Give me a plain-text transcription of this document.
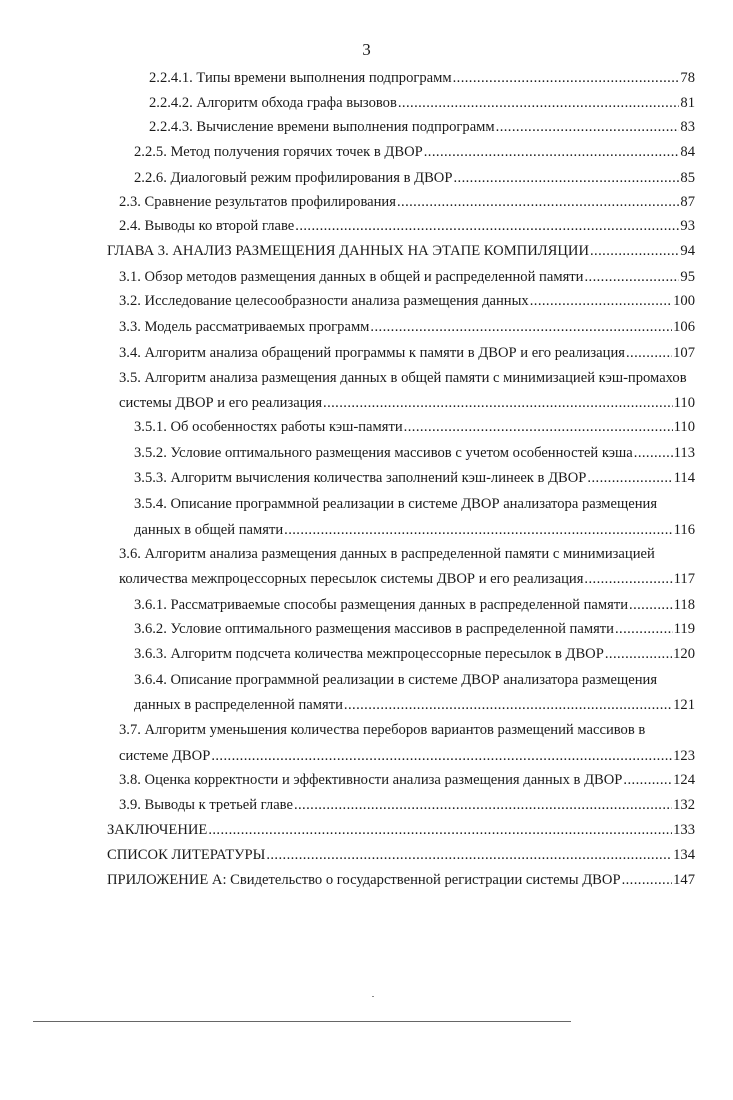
3
2.2.4.1. Типы времени выполнения подпрограмм .....	78
2.2.4.2. Алгоритм обхода графа вызовов .....	81
2.2.4.3. Вычисление времени выполнения подпрограмм .....	83
2.2.5. Метод получения горячих точек в ДВОР .....	84
2.2.6. Диалоговый режим профилирования в ДВОР .....	85
2.3. Сравнение результатов профилирования .....	87
2.4. Выводы ко второй главе .....	93
ГЛАВА 3. АНАЛИЗ РАЗМЕЩЕНИЯ ДАННЫХ НА ЭТАПЕ КОМПИЛЯЦИИ .....	94
3.1. Обзор методов размещения данных в общей и распределенной памяти .....	95
3.2. Исследование целесообразности анализа размещения данных .....	100
3.3. Модель рассматриваемых программ .....	106
3.4. Алгоритм анализа обращений программы к памяти в ДВОР и его реализация .....	107
3.5. Алгоритм анализа размещения данных в общей памяти с минимизацией кэш-промахов
системы ДВОР и его реализация .....	110
3.5.1. Об особенностях работы кэш-памяти .....	110
3.5.2. Условие оптимального размещения массивов с учетом особенностей кэша .....	113
3.5.3. Алгоритм вычисления количества заполнений кэш-линеек в ДВОР .....	114
3.5.4. Описание программной реализации в системе ДВОР анализатора размещения
данных в общей памяти .....	116
3.6. Алгоритм анализа размещения данных в распределенной памяти с минимизацией
количества межпроцессорных пересылок системы ДВОР и его реализация .....	117
3.6.1. Рассматриваемые способы размещения данных в распределенной памяти .....	118
3.6.2. Условие оптимального размещения массивов в распределенной памяти .....	119
3.6.3. Алгоритм подсчета количества межпроцессорные пересылок в ДВОР .....	120
3.6.4. Описание программной реализации в системе ДВОР анализатора размещения
данных в распределенной памяти .....	121
3.7. Алгоритм уменьшения количества переборов вариантов размещений массивов в
системе ДВОР .....	123
3.8. Оценка корректности и эффективности анализа размещения данных в ДВОР .....	124
3.9. Выводы к третьей главе .....	132
ЗАКЛЮЧЕНИЕ .....	133
СПИСОК ЛИТЕРАТУРЫ .....	134
ПРИЛОЖЕНИЕ А: Свидетельство о государственной регистрации системы ДВОР .....	147
